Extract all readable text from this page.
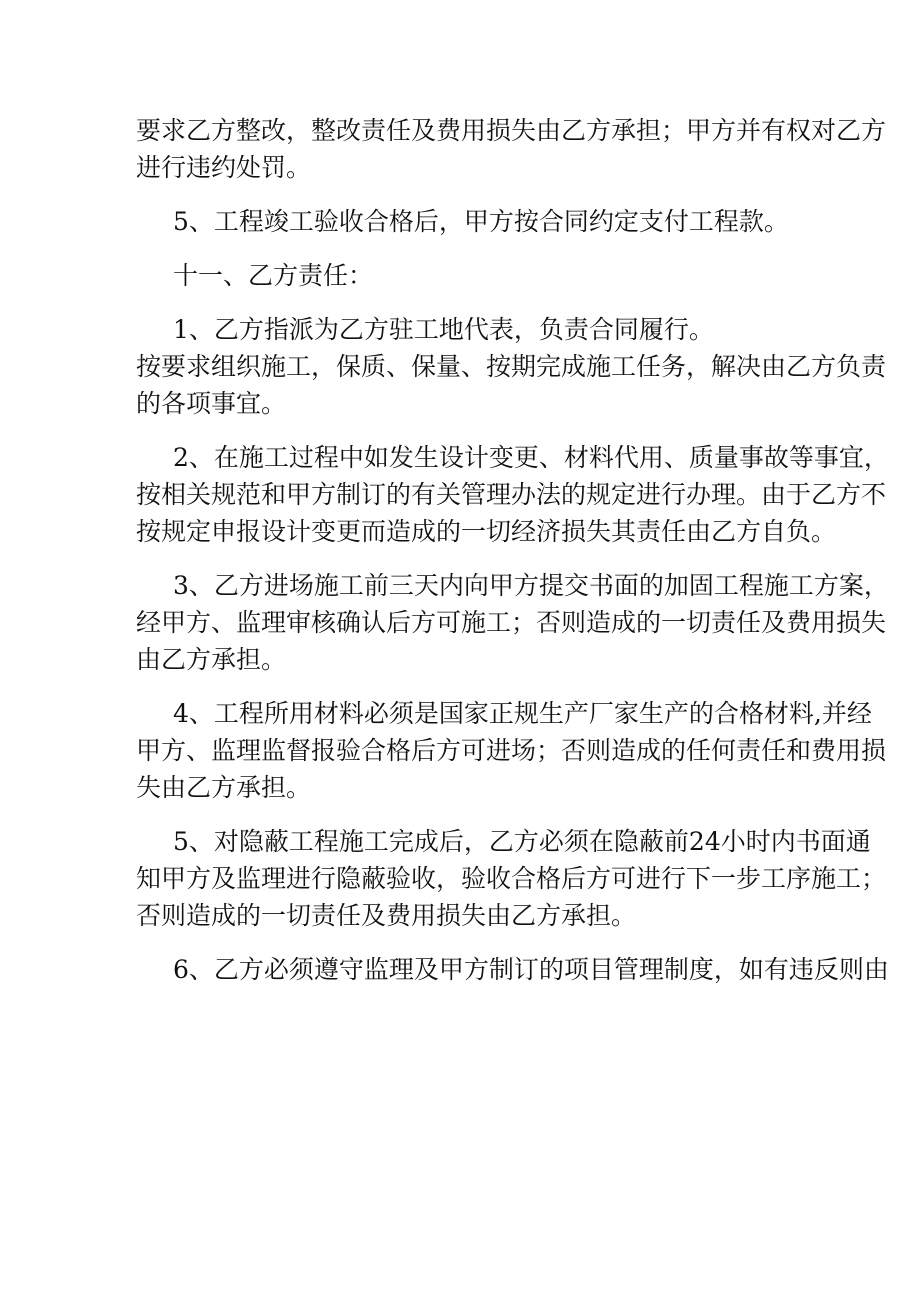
要求乙方整改，整改责任及费用损失由乙方承担；甲方并有权对乙方
进行违约处罚。
5、工程竣工验收合格后，甲方按合同约定支付工程款。
十一、乙方责任：
1、乙方指派为乙方驻工地代表，负责合同履行。
按要求组织施工，保质、保量、按期完成施工任务，解决由乙方负责
的各项事宜。
2、在施工过程中如发生设计变更、材料代用、质量事故等事宜，
按相关规范和甲方制订的有关管理办法的规定进行办理。由于乙方不
按规定申报设计变更而造成的一切经济损失其责任由乙方自负。
3、乙方进场施工前三天内向甲方提交书面的加固工程施工方案，
经甲方、监理审核确认后方可施工；否则造成的一切责任及费用损失
由乙方承担。
4、工程所用材料必须是国家正规生产厂家生产的合格材料,并经
甲方、监理监督报验合格后方可进场；否则造成的任何责任和费用损
失由乙方承担。
5、对隐蔽工程施工完成后，乙方必须在隐蔽前24小时内书面通
知甲方及监理进行隐蔽验收，验收合格后方可进行下一步工序施工；
否则造成的一切责任及费用损失由乙方承担。
6、乙方必须遵守监理及甲方制订的项目管理制度，如有违反则由
